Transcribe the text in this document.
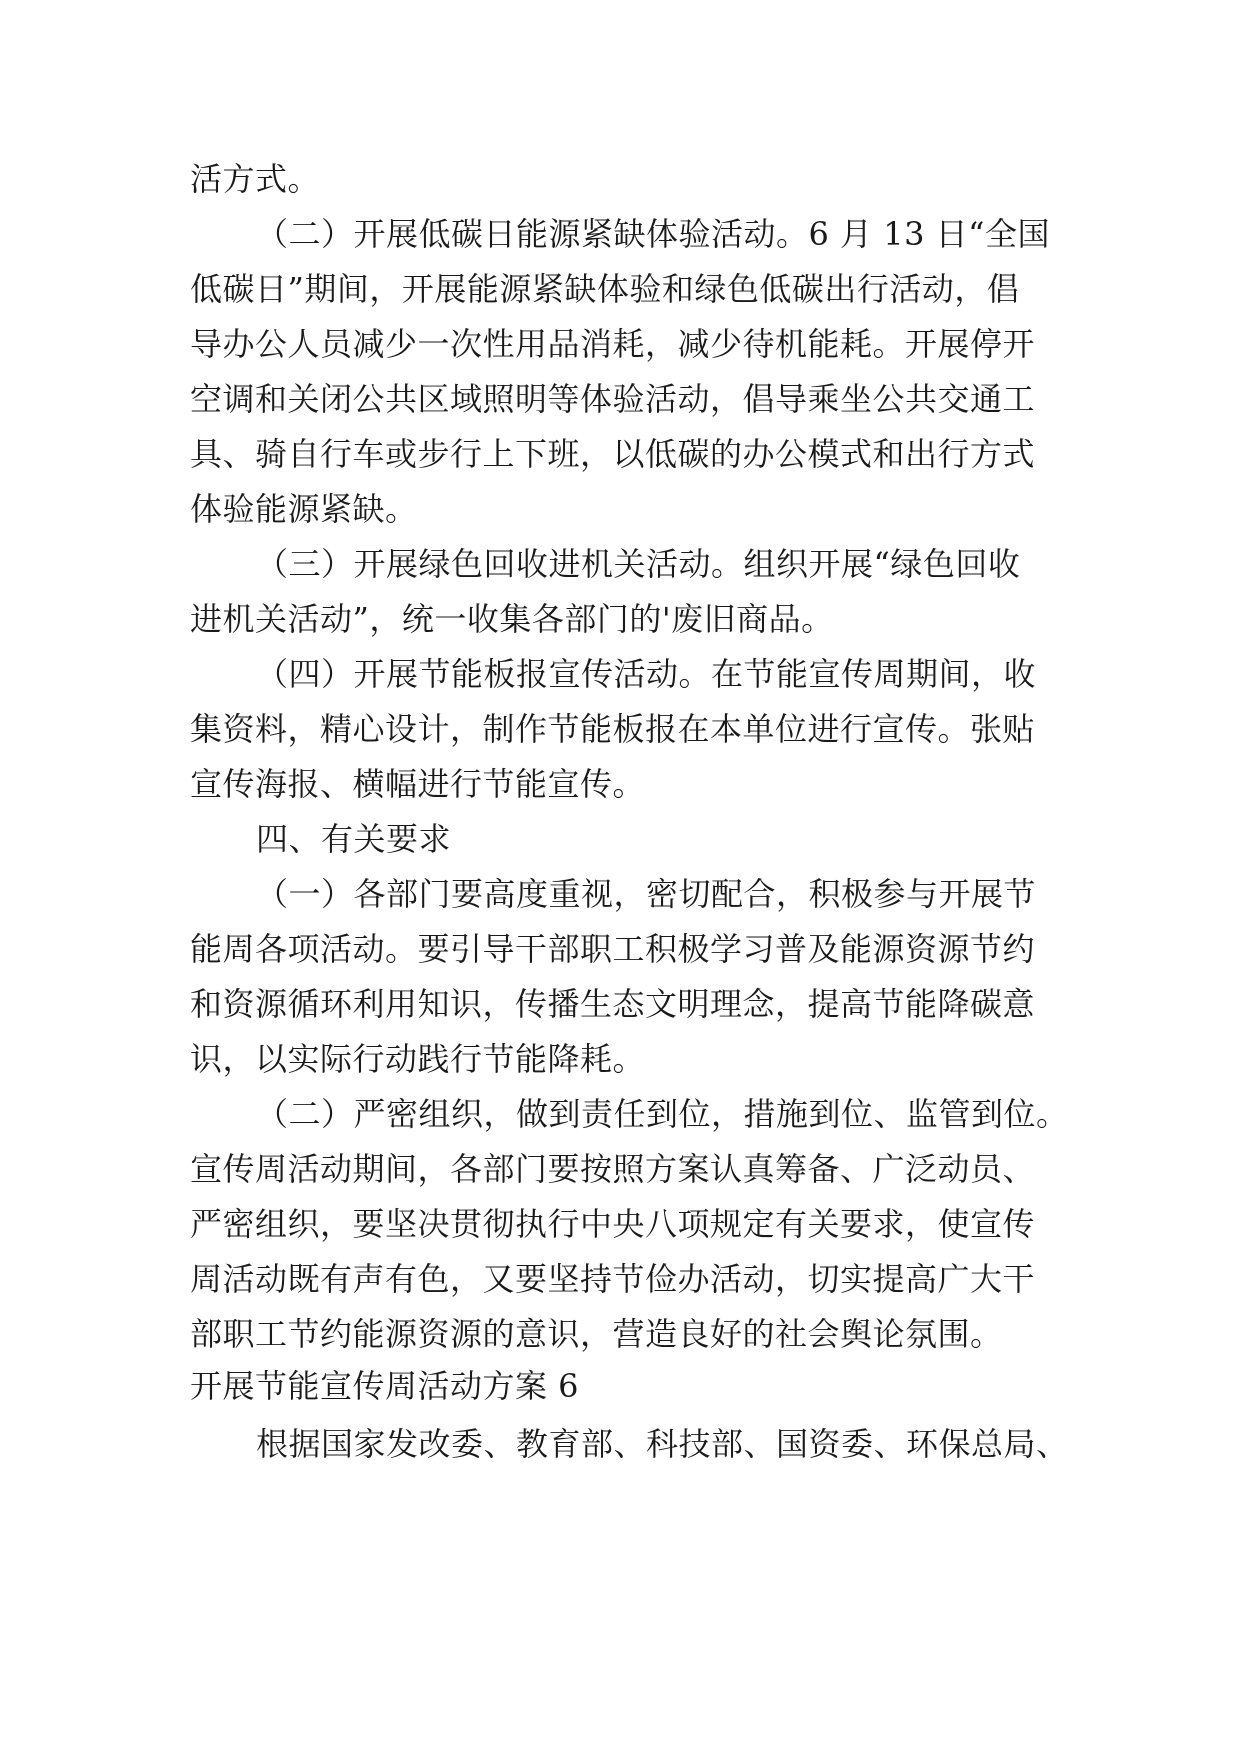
活方式。
（二）开展低碳日能源紧缺体验活动。6 月 13 日“全国
低碳日”期间，开展能源紧缺体验和绿色低碳出行活动，倡
导办公人员减少一次性用品消耗，减少待机能耗。开展停开
空调和关闭公共区域照明等体验活动，倡导乘坐公共交通工
具、骑自行车或步行上下班，以低碳的办公模式和出行方式
体验能源紧缺。
（三）开展绿色回收进机关活动。组织开展“绿色回收
进机关活动”，统一收集各部门的'废旧商品。
（四）开展节能板报宣传活动。在节能宣传周期间，收
集资料，精心设计，制作节能板报在本单位进行宣传。张贴
宣传海报、横幅进行节能宣传。
四、有关要求
（一）各部门要高度重视，密切配合，积极参与开展节
能周各项活动。要引导干部职工积极学习普及能源资源节约
和资源循环利用知识，传播生态文明理念，提高节能降碳意
识，以实际行动践行节能降耗。
（二）严密组织，做到责任到位，措施到位、监管到位。
宣传周活动期间，各部门要按照方案认真筹备、广泛动员、
严密组织，要坚决贯彻执行中央八项规定有关要求，使宣传
周活动既有声有色，又要坚持节俭办活动，切实提高广大干
部职工节约能源资源的意识，营造良好的社会舆论氛围。
开展节能宣传周活动方案 6
根据国家发改委、教育部、科技部、国资委、环保总局、
